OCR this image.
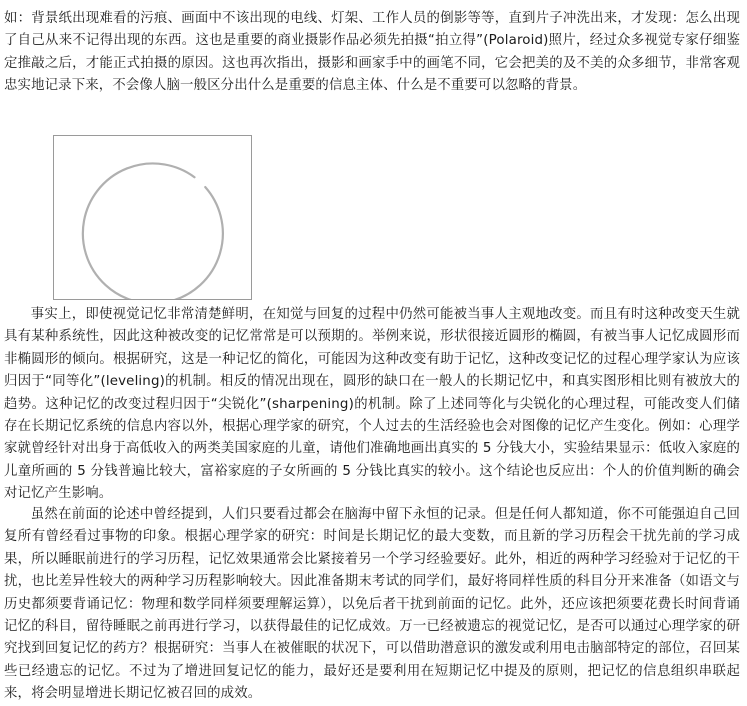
如：背景纸出现难看的污痕、画面中不该出现的电线、灯架、工作人员的倒影等等，直到片子冲洗出来，才发现：怎么出现了自己从来不记得出现的东西。这也是重要的商业摄影作品必须先拍摄“拍立得”(Polaroid)照片，经过众多视觉专家仔细鉴定推敲之后，才能正式拍摄的原因。这也再次指出，摄影和画家手中的画笔不同，它会把美的及不美的众多细节，非常客观忠实地记录下来，不会像人脑一般区分出什么是重要的信息主体、什么是不重要可以忽略的背景。

事实上，即使视觉记忆非常清楚鲜明，在知觉与回复的过程中仍然可能被当事人主观地改变。而且有时这种改变天生就具有某种系统性，因此这种被改变的记忆常常是可以预期的。举例来说，形状很接近圆形的椭圆，有被当事人记忆成圆形而非椭圆形的倾向。根据研究，这是一种记忆的简化，可能因为这种改变有助于记忆，这种改变记忆的过程心理学家认为应该归因于“同等化”(leveling)的机制。相反的情况出现在，圆形的缺口在一般人的长期记忆中，和真实图形相比则有被放大的趋势。这种记忆的改变过程归因于“尖锐化”(sharpening)的机制。除了上述同等化与尖锐化的心理过程，可能改变人们储存在长期记忆系统的信息内容以外，根据心理学家的研究，个人过去的生活经验也会对图像的记忆产生变化。例如：心理学家就曾经针对出身于高低收入的两类美国家庭的儿童，请他们准确地画出真实的 5 分钱大小，实验结果显示：低收入家庭的儿童所画的 5 分钱普遍比较大，富裕家庭的子女所画的 5 分钱比真实的较小。这个结论也反应出：个人的价值判断的确会对记忆产生影响。

虽然在前面的论述中曾经提到，人们只要看过都会在脑海中留下永恒的记录。但是任何人都知道，你不可能强迫自己回复所有曾经看过事物的印象。根据心理学家的研究：时间是长期记忆的最大变数，而且新的学习历程会干扰先前的学习成果，所以睡眠前进行的学习历程，记忆效果通常会比紧接着另一个学习经验要好。此外，相近的两种学习经验对于记忆的干扰，也比差异性较大的两种学习历程影响较大。因此准备期末考试的同学们，最好将同样性质的科目分开来准备（如语文与历史都须要背诵记忆：物理和数学同样须要理解运算），以免后者干扰到前面的记忆。此外，还应该把须要花费长时间背诵记忆的科目，留待睡眠之前再进行学习，以获得最佳的记忆成效。万一已经被遗忘的视觉记忆，是否可以通过心理学家的研究找到回复记忆的药方？根据研究：当事人在被催眠的状况下，可以借助潜意识的激发或利用电击脑部特定的部位，召回某些已经遗忘的记忆。不过为了增进回复记忆的能力，最好还是要利用在短期记忆中提及的原则，把记忆的信息组织串联起来，将会明显增进长期记忆被召回的成效。
